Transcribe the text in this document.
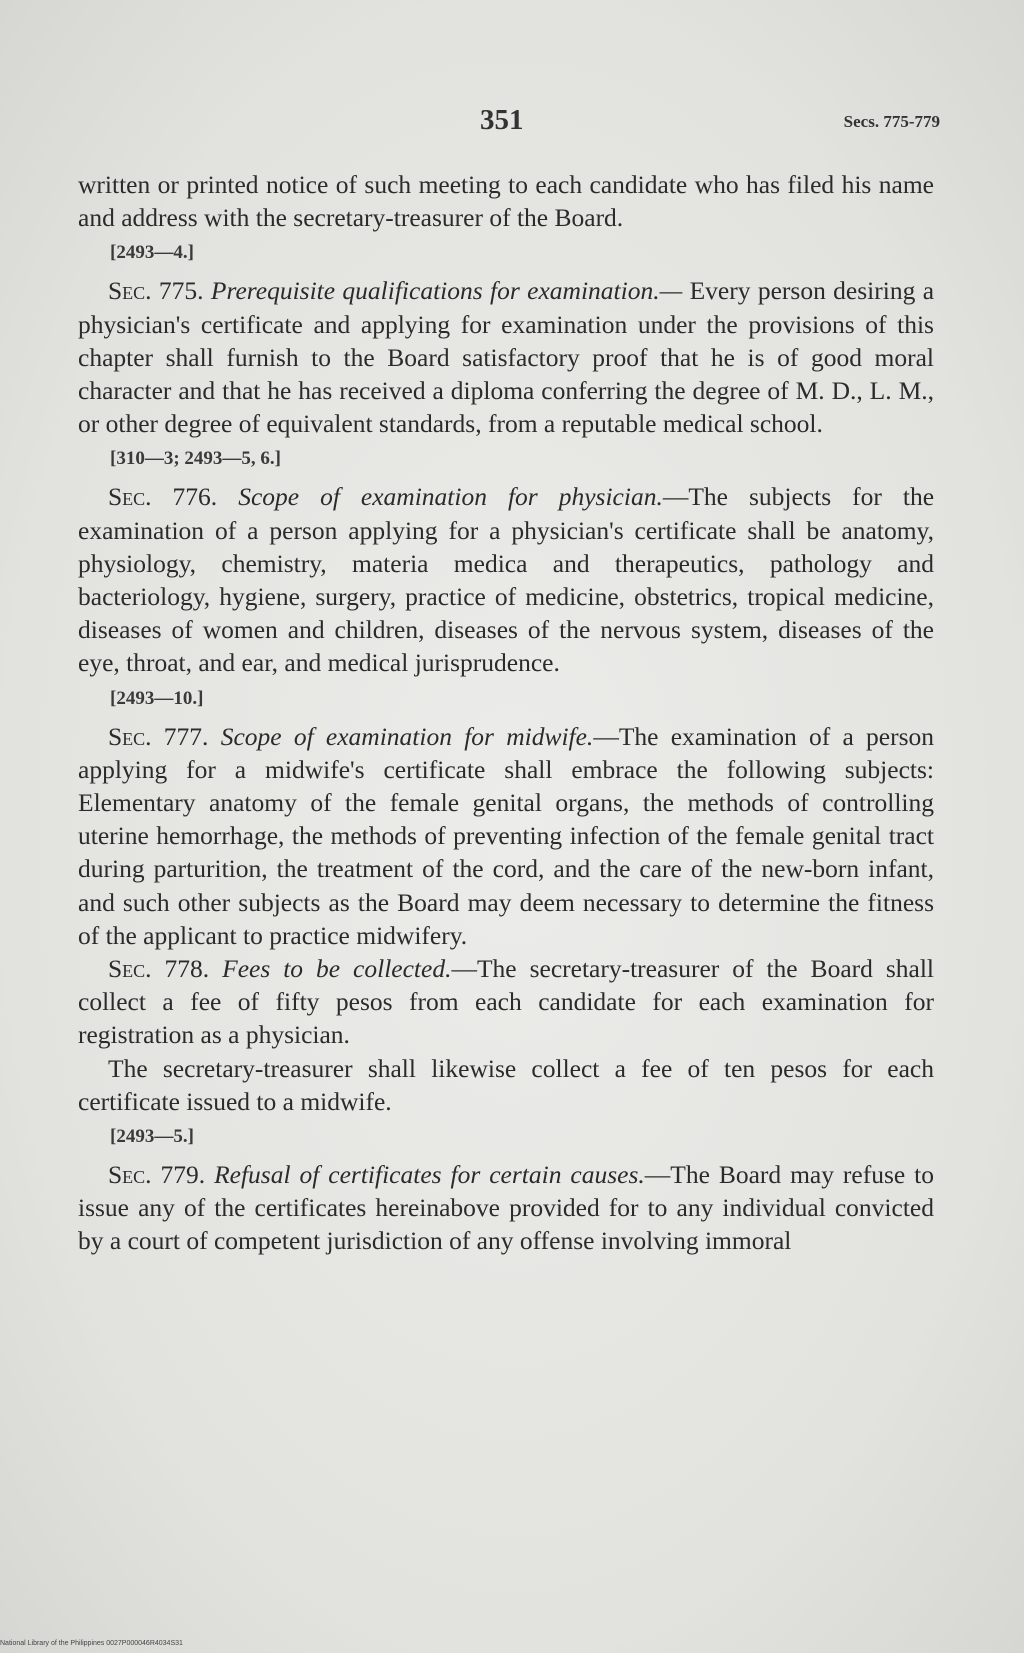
351	Secs. 775-779

written or printed notice of such meeting to each candidate who has filed his name and address with the secretary-treasurer of the Board.

[2493—4.]

Sec. 775. Prerequisite qualifications for examination.— Every person desiring a physician's certificate and applying for examination under the provisions of this chapter shall furnish to the Board satisfactory proof that he is of good moral character and that he has received a diploma conferring the degree of M. D., L. M., or other degree of equivalent standards, from a reputable medical school.

[310—3; 2493—5, 6.]

Sec. 776. Scope of examination for physician.—The subjects for the examination of a person applying for a physician's certificate shall be anatomy, physiology, chemistry, materia medica and therapeutics, pathology and bacteriology, hygiene, surgery, practice of medicine, obstetrics, tropical medicine, diseases of women and children, diseases of the nervous system, diseases of the eye, throat, and ear, and medical jurisprudence.

[2493—10.]

Sec. 777. Scope of examination for midwife.—The examination of a person applying for a midwife's certificate shall embrace the following subjects: Elementary anatomy of the female genital organs, the methods of controlling uterine hemorrhage, the methods of preventing infection of the female genital tract during parturition, the treatment of the cord, and the care of the new-born infant, and such other subjects as the Board may deem necessary to determine the fitness of the applicant to practice midwifery.

Sec. 778. Fees to be collected.—The secretary-treasurer of the Board shall collect a fee of fifty pesos from each candidate for each examination for registration as a physician.

The secretary-treasurer shall likewise collect a fee of ten pesos for each certificate issued to a midwife.

[2493—5.]

Sec. 779. Refusal of certificates for certain causes.—The Board may refuse to issue any of the certificates hereinabove provided for to any individual convicted by a court of competent jurisdiction of any offense involving immoral

National Library of the Philippines 0027P000046R4034S31
